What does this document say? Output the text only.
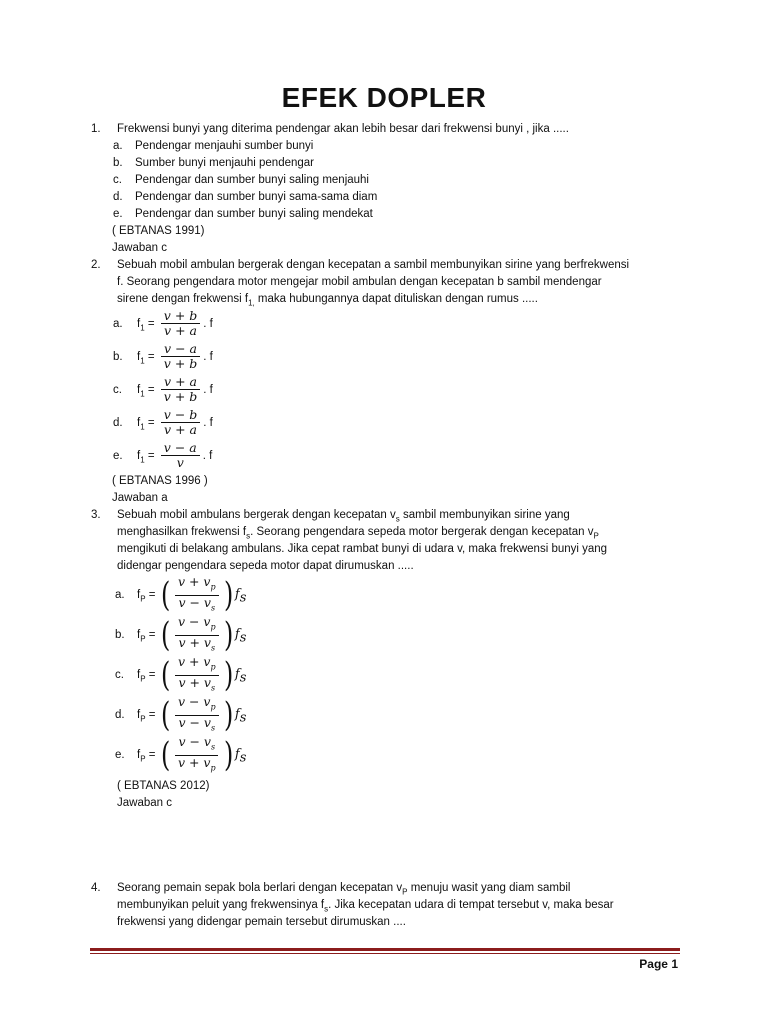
EFEK DOPLER
1. Frekwensi bunyi yang diterima pendengar akan lebih besar dari frekwensi bunyi , jika .....
a. Pendengar menjauhi sumber bunyi
b. Sumber bunyi menjauhi pendengar
c. Pendengar dan sumber bunyi saling menjauhi
d. Pendengar dan sumber bunyi sama-sama diam
e. Pendengar dan sumber bunyi saling mendekat
( EBTANAS 1991)
Jawaban c
2. Sebuah mobil ambulan bergerak dengan kecepatan a sambil membunyikan sirine yang berfrekwensi
f. Seorang pengendara motor mengejar mobil ambulan dengan kecepatan b sambil mendengar
sirene dengan frekwensi $f_{1,}$ maka hubungannya dapat dituliskan dengan rumus .....
a. $f_1 = \frac{v + b}{v + a}$ . f
b. $f_1 = \frac{v - a}{v + b}$ . f
c. $f_1 = \frac{v + a}{v + b}$ . f
d. $f_1 = \frac{v - b}{v + a}$ . f
e. $f_1 = \frac{v - a}{v}$ . f
( EBTANAS 1996 )
Jawaban a
3. Sebuah mobil ambulans bergerak dengan kecepatan $v_s$ sambil membunyikan sirine yang
menghasilkan frekwensi $f_s$. Seorang pengendara sepeda motor bergerak dengan kecepatan $v_P$
mengikuti di belakang ambulans. Jika cepat rambat bunyi di udara v, maka frekwensi bunyi yang
didengar pengendara sepeda motor dapat dirumuskan .....
a. $f_P$ = ( $\frac{v + v_p}{v - v_s}$ ) $f_s$
b. $f_P$ = ( $\frac{v - v_p}{v + v_s}$ ) $f_s$
c. $f_P$ = ( $\frac{v + v_p}{v + v_s}$ ) $f_s$
d. $f_P$ = ( $\frac{v - v_p}{v - v_s}$ ) $f_s$
e. $f_P$ = ( $\frac{v - v_s}{v + v_p}$ ) $f_s$
( EBTANAS 2012)
Jawaban c
4. Seorang pemain sepak bola berlari dengan kecepatan $v_P$ menuju wasit yang diam sambil
membunyikan peluit yang frekwensinya $f_s$. Jika kecepatan udara di tempat tersebut v, maka besar
frekwensi yang didengar pemain tersebut dirumuskan ....
Page 1
